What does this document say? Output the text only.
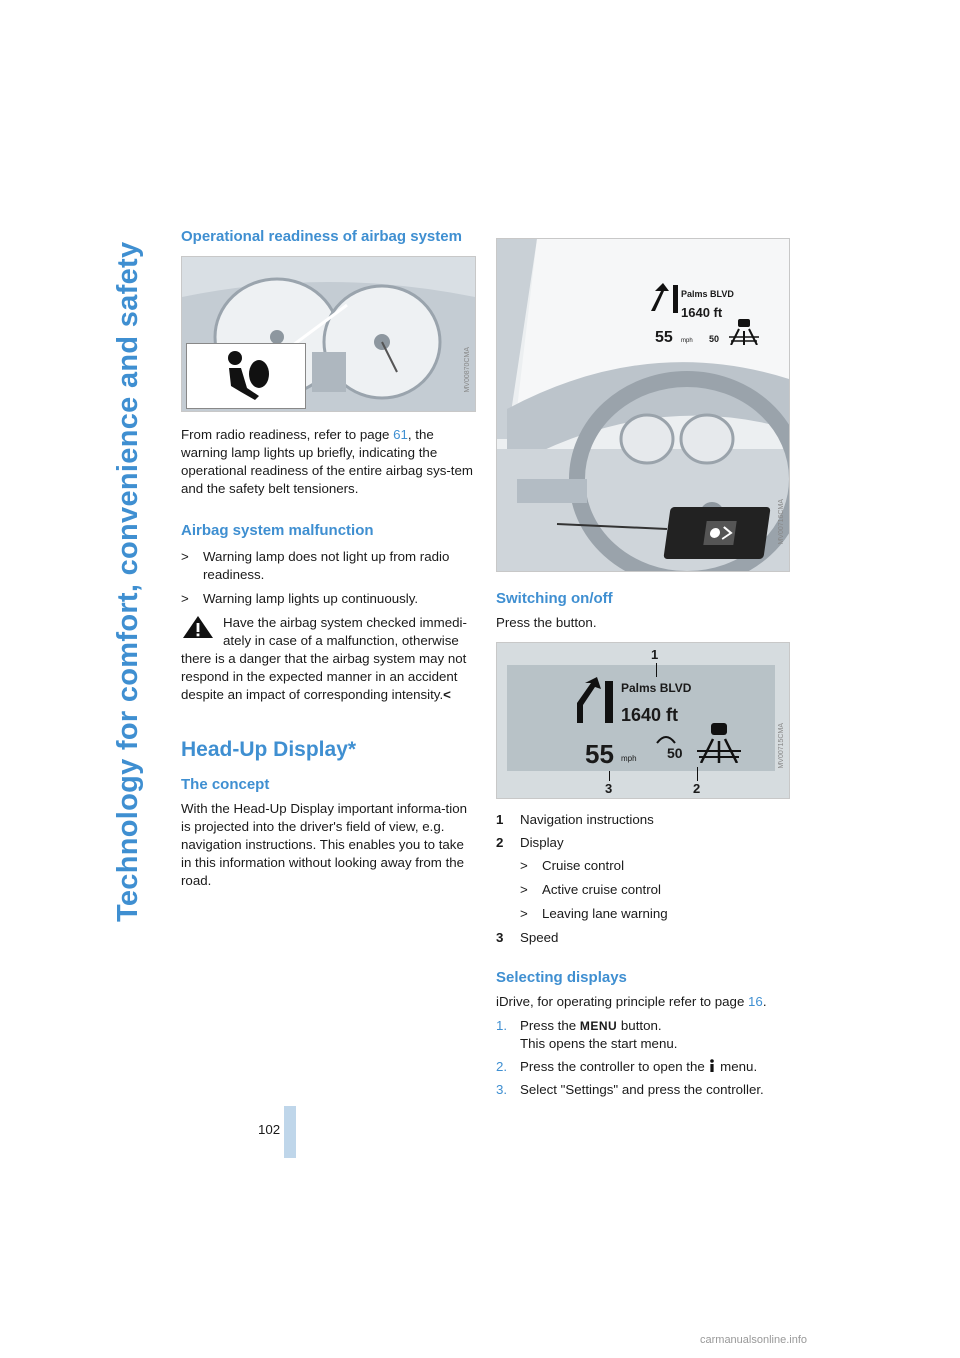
Technology for comfort, convenience and safety
Operational readiness of airbag system
MV00870CMA

From radio readiness, refer to page 61, the warning lamp lights up briefly, indicating the operational readiness of the entire airbag sys-tem and the safety belt tensioners.

Airbag system malfunction
>	Warning lamp does not light up from radio readiness.
>	Warning lamp lights up continuously.
Have the airbag system checked immedi-ately in case of a malfunction, otherwise there is a danger that the airbag system may not respond in the expected manner in an accident despite an impact of corresponding intensity.<
Head-Up Display*
The concept

With the Head-Up Display important informa-tion is projected into the driver's field of view, e.g. navigation instructions. This enables you to take in this information without looking away from the road.

Palms BLVD
1640 ft
55 mph 50
MV00716CMA
Switching on/off

Press the button.

1
Palms BLVD
1640 ft
55 mph 50
3	2
MV00715CMA
1	Navigation instructions
2	Display
>	Cruise control
>	Active cruise control
>	Leaving lane warning
3	Speed
Selecting displays

iDrive, for operating principle refer to page 16.

1. Press the MENU button.
This opens the start menu.
2. Press the controller to open the  menu.
3. Select "Settings" and press the controller.
102
carmanualsonline.info
